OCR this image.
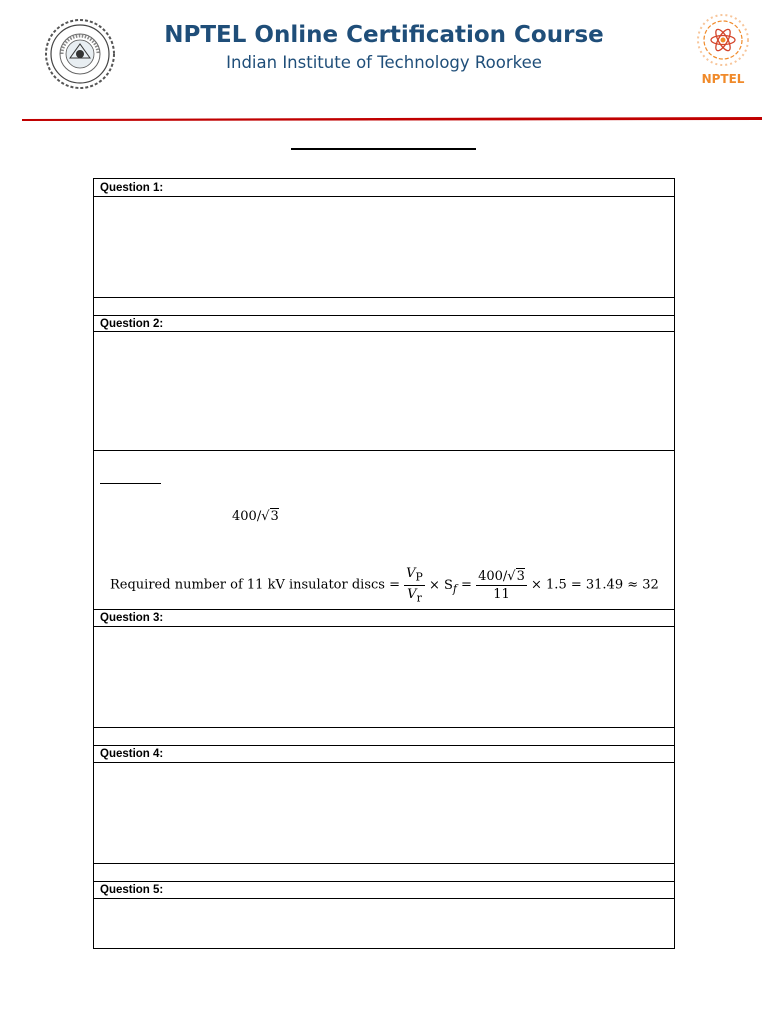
NPTEL Online Certification Course
Indian Institute of Technology Roorkee
NPTEL
Question 1:
Question 2:
Question 3:
Question 4:
Question 5:
400/√3
Required number of 11 kV insulator discs = $\frac{V_P}{V_r} \times S_f = \frac{400/√3}{11} \times 1.5 = 31.49 \approx 32$
